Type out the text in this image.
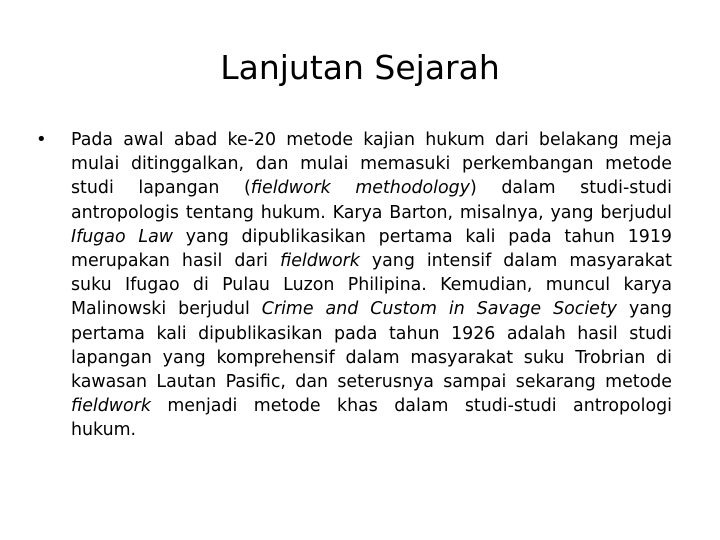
Lanjutan Sejarah
•	Pada awal abad ke-20 metode kajian hukum dari belakang meja mulai ditinggalkan, dan mulai memasuki perkembangan metode studi lapangan (fieldwork methodology) dalam studi-studi antropologis tentang hukum. Karya Barton, misalnya, yang berjudul Ifugao Law yang dipublikasikan pertama kali pada tahun 1919 merupakan hasil dari fieldwork yang intensif dalam masyarakat suku Ifugao di Pulau Luzon Philipina. Kemudian, muncul karya Malinowski berjudul Crime and Custom in Savage Society yang pertama kali dipublikasikan pada tahun 1926 adalah hasil studi lapangan yang komprehensif dalam masyarakat suku Trobrian di kawasan Lautan Pasific, dan seterusnya sampai sekarang metode fieldwork menjadi metode khas dalam studi-studi antropologi hukum.
